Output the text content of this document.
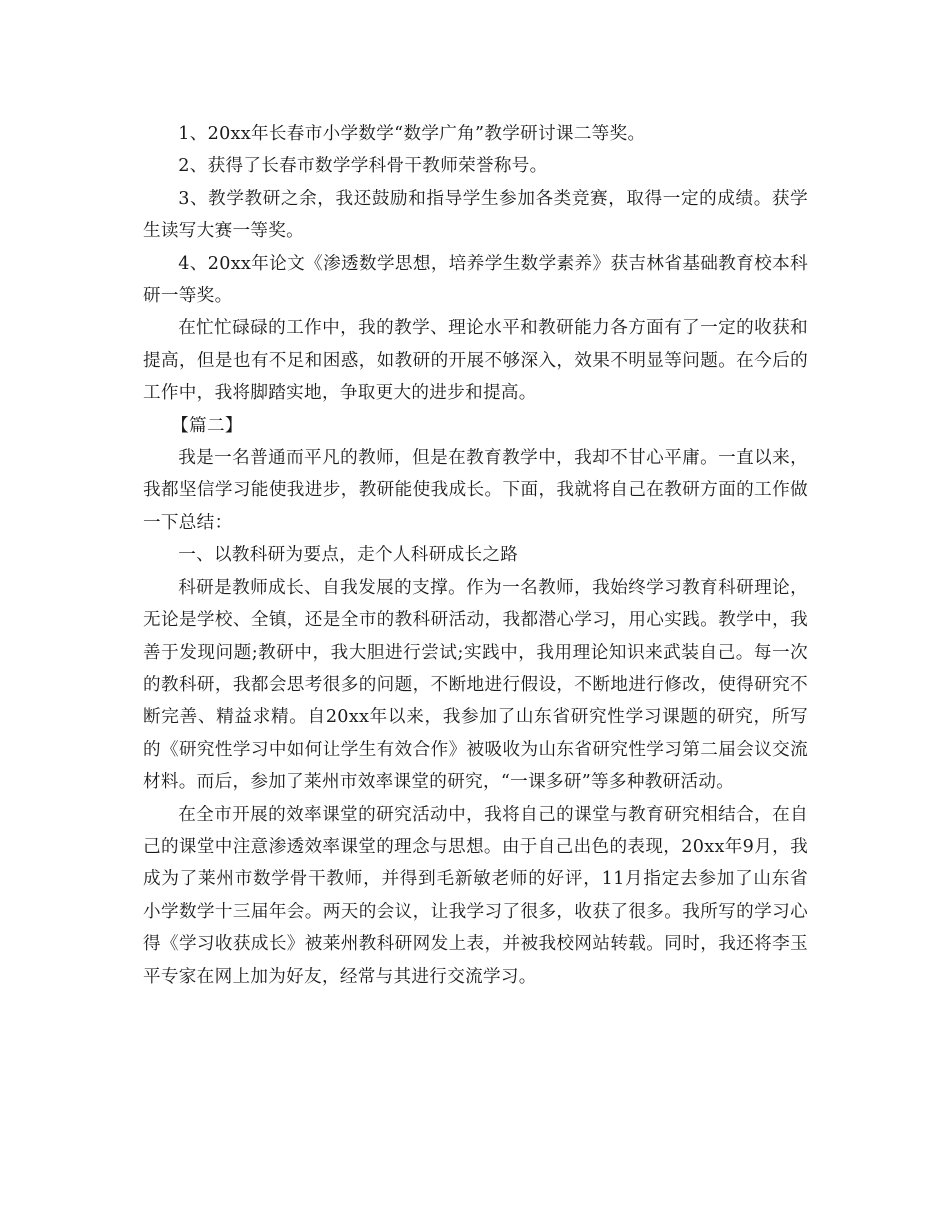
1、20xx年长春市小学数学“数学广角”教学研讨课二等奖。

2、获得了长春市数学学科骨干教师荣誉称号。

3、教学教研之余，我还鼓励和指导学生参加各类竞赛，取得一定的成绩。获学生读写大赛一等奖。

4、20xx年论文《渗透数学思想，培养学生数学素养》获吉林省基础教育校本科研一等奖。

在忙忙碌碌的工作中，我的教学、理论水平和教研能力各方面有了一定的收获和提高，但是也有不足和困惑，如教研的开展不够深入，效果不明显等问题。在今后的工作中，我将脚踏实地，争取更大的进步和提高。

【篇二】

我是一名普通而平凡的教师，但是在教育教学中，我却不甘心平庸。一直以来，我都坚信学习能使我进步，教研能使我成长。下面，我就将自己在教研方面的工作做一下总结：

一、以教科研为要点，走个人科研成长之路

科研是教师成长、自我发展的支撑。作为一名教师，我始终学习教育科研理论，无论是学校、全镇，还是全市的教科研活动，我都潜心学习，用心实践。教学中，我善于发现问题;教研中，我大胆进行尝试;实践中，我用理论知识来武装自己。每一次的教科研，我都会思考很多的问题，不断地进行假设，不断地进行修改，使得研究不断完善、精益求精。自20xx年以来，我参加了山东省研究性学习课题的研究，所写的《研究性学习中如何让学生有效合作》被吸收为山东省研究性学习第二届会议交流材料。而后，参加了莱州市效率课堂的研究，“一课多研”等多种教研活动。

在全市开展的效率课堂的研究活动中，我将自己的课堂与教育研究相结合，在自己的课堂中注意渗透效率课堂的理念与思想。由于自己出色的表现，20xx年9月，我成为了莱州市数学骨干教师，并得到毛新敏老师的好评，11月指定去参加了山东省小学数学十三届年会。两天的会议，让我学习了很多，收获了很多。我所写的学习心得《学习收获成长》被莱州教科研网发上表，并被我校网站转载。同时，我还将李玉平专家在网上加为好友，经常与其进行交流学习。
